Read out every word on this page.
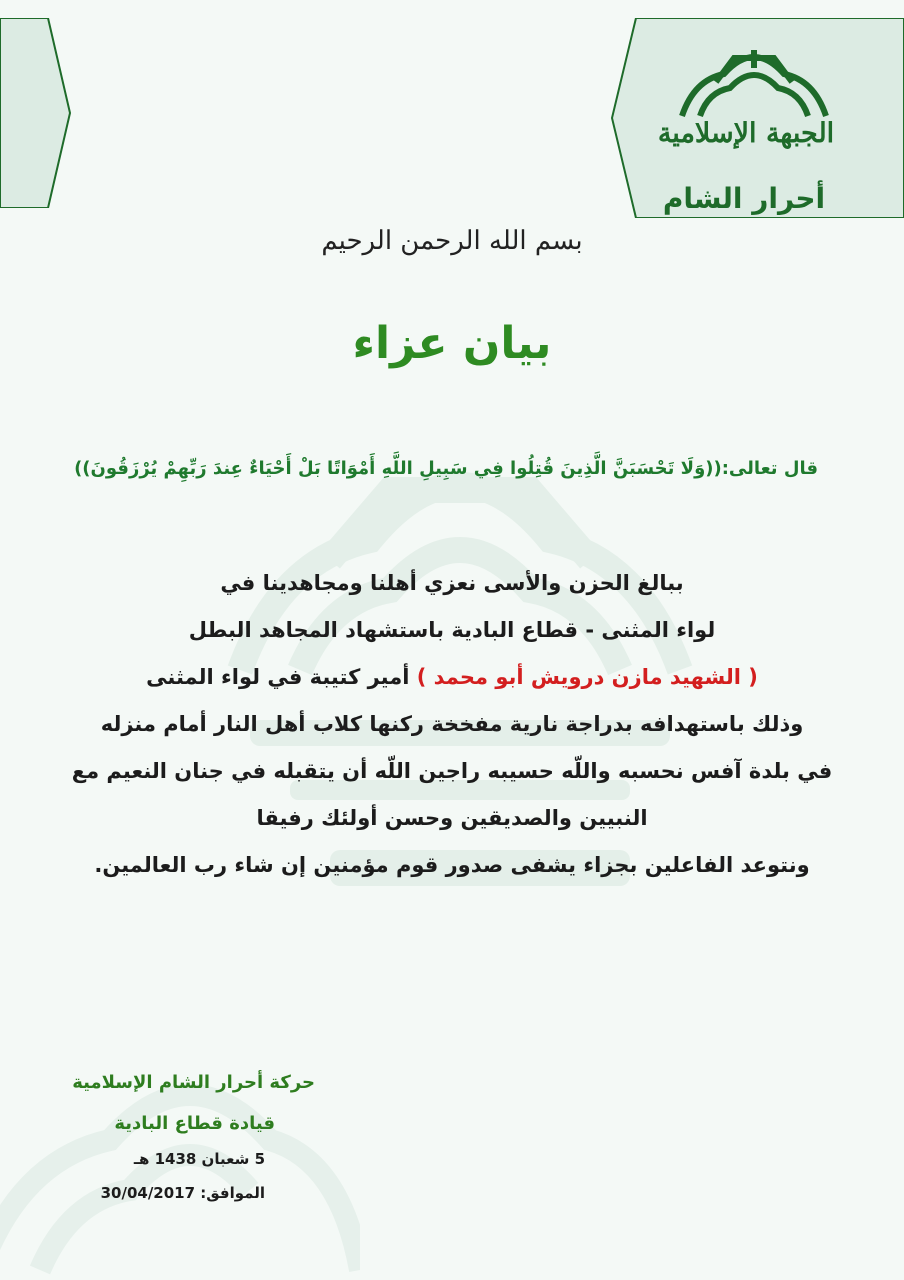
الجبهة الإسلامية
أحرار الشام
بسم الله الرحمن الرحيم
بيان عزاء
قال تعالى:((وَلَا تَحْسَبَنَّ الَّذِينَ قُتِلُوا فِي سَبِيلِ اللَّهِ أَمْوَاتًا بَلْ أَحْيَاءٌ عِندَ رَبِّهِمْ يُرْزَقُونَ))
ببالغ الحزن والأسى نعزي أهلنا ومجاهدينا في
لواء المثنى - قطاع البادية باستشهاد المجاهد البطل
( الشهيد مازن درويش أبو محمد ) أمير كتيبة في لواء المثنى
وذلك باستهدافه بدراجة نارية مفخخة ركنها كلاب أهل النار أمام منزله
في بلدة آفس نحسبه واللّه حسيبه راجين اللّه أن يتقبله في جنان النعيم مع
النبيين والصديقين وحسن أولئك رفيقا
ونتوعد الفاعلين بجزاء يشفى صدور قوم مؤمنين إن شاء رب العالمين.
حركة أحرار الشام الإسلامية
قيادة قطاع البادية
5 شعبان 1438 هـ
الموافق: 30/04/2017
